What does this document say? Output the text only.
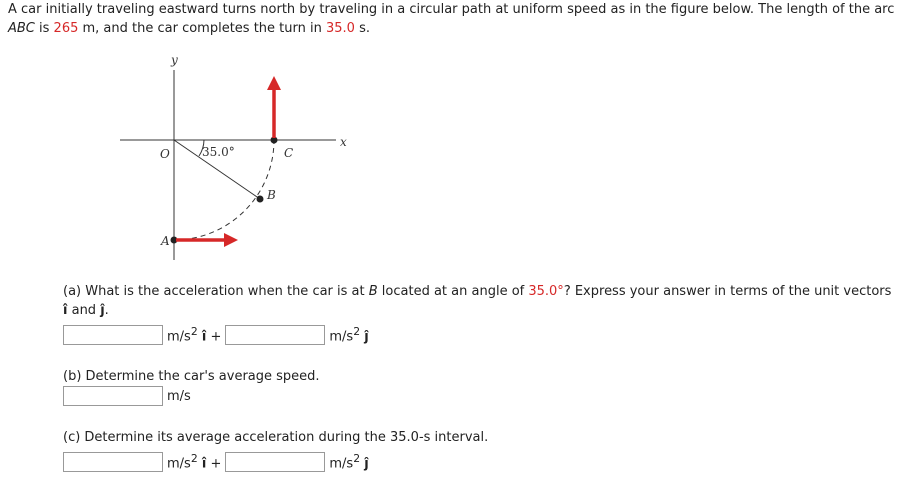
A car initially traveling eastward turns north by traveling in a circular path at uniform speed as in the figure below. The length of the arc ABC is 265 m, and the car completes the turn in 35.0 s.

y
x
O	35.0°
A
B
C

(a) What is the acceleration when the car is at B located at an angle of 35.0°? Express your answer in terms of the unit vectors
î and ĵ.

$m/s^2$ î +	$m/s^2$ ĵ

(b) Determine the car's average speed.

m/s

(c) Determine its average acceleration during the 35.0-s interval.

$m/s^2$ î +	$m/s^2$ ĵ
